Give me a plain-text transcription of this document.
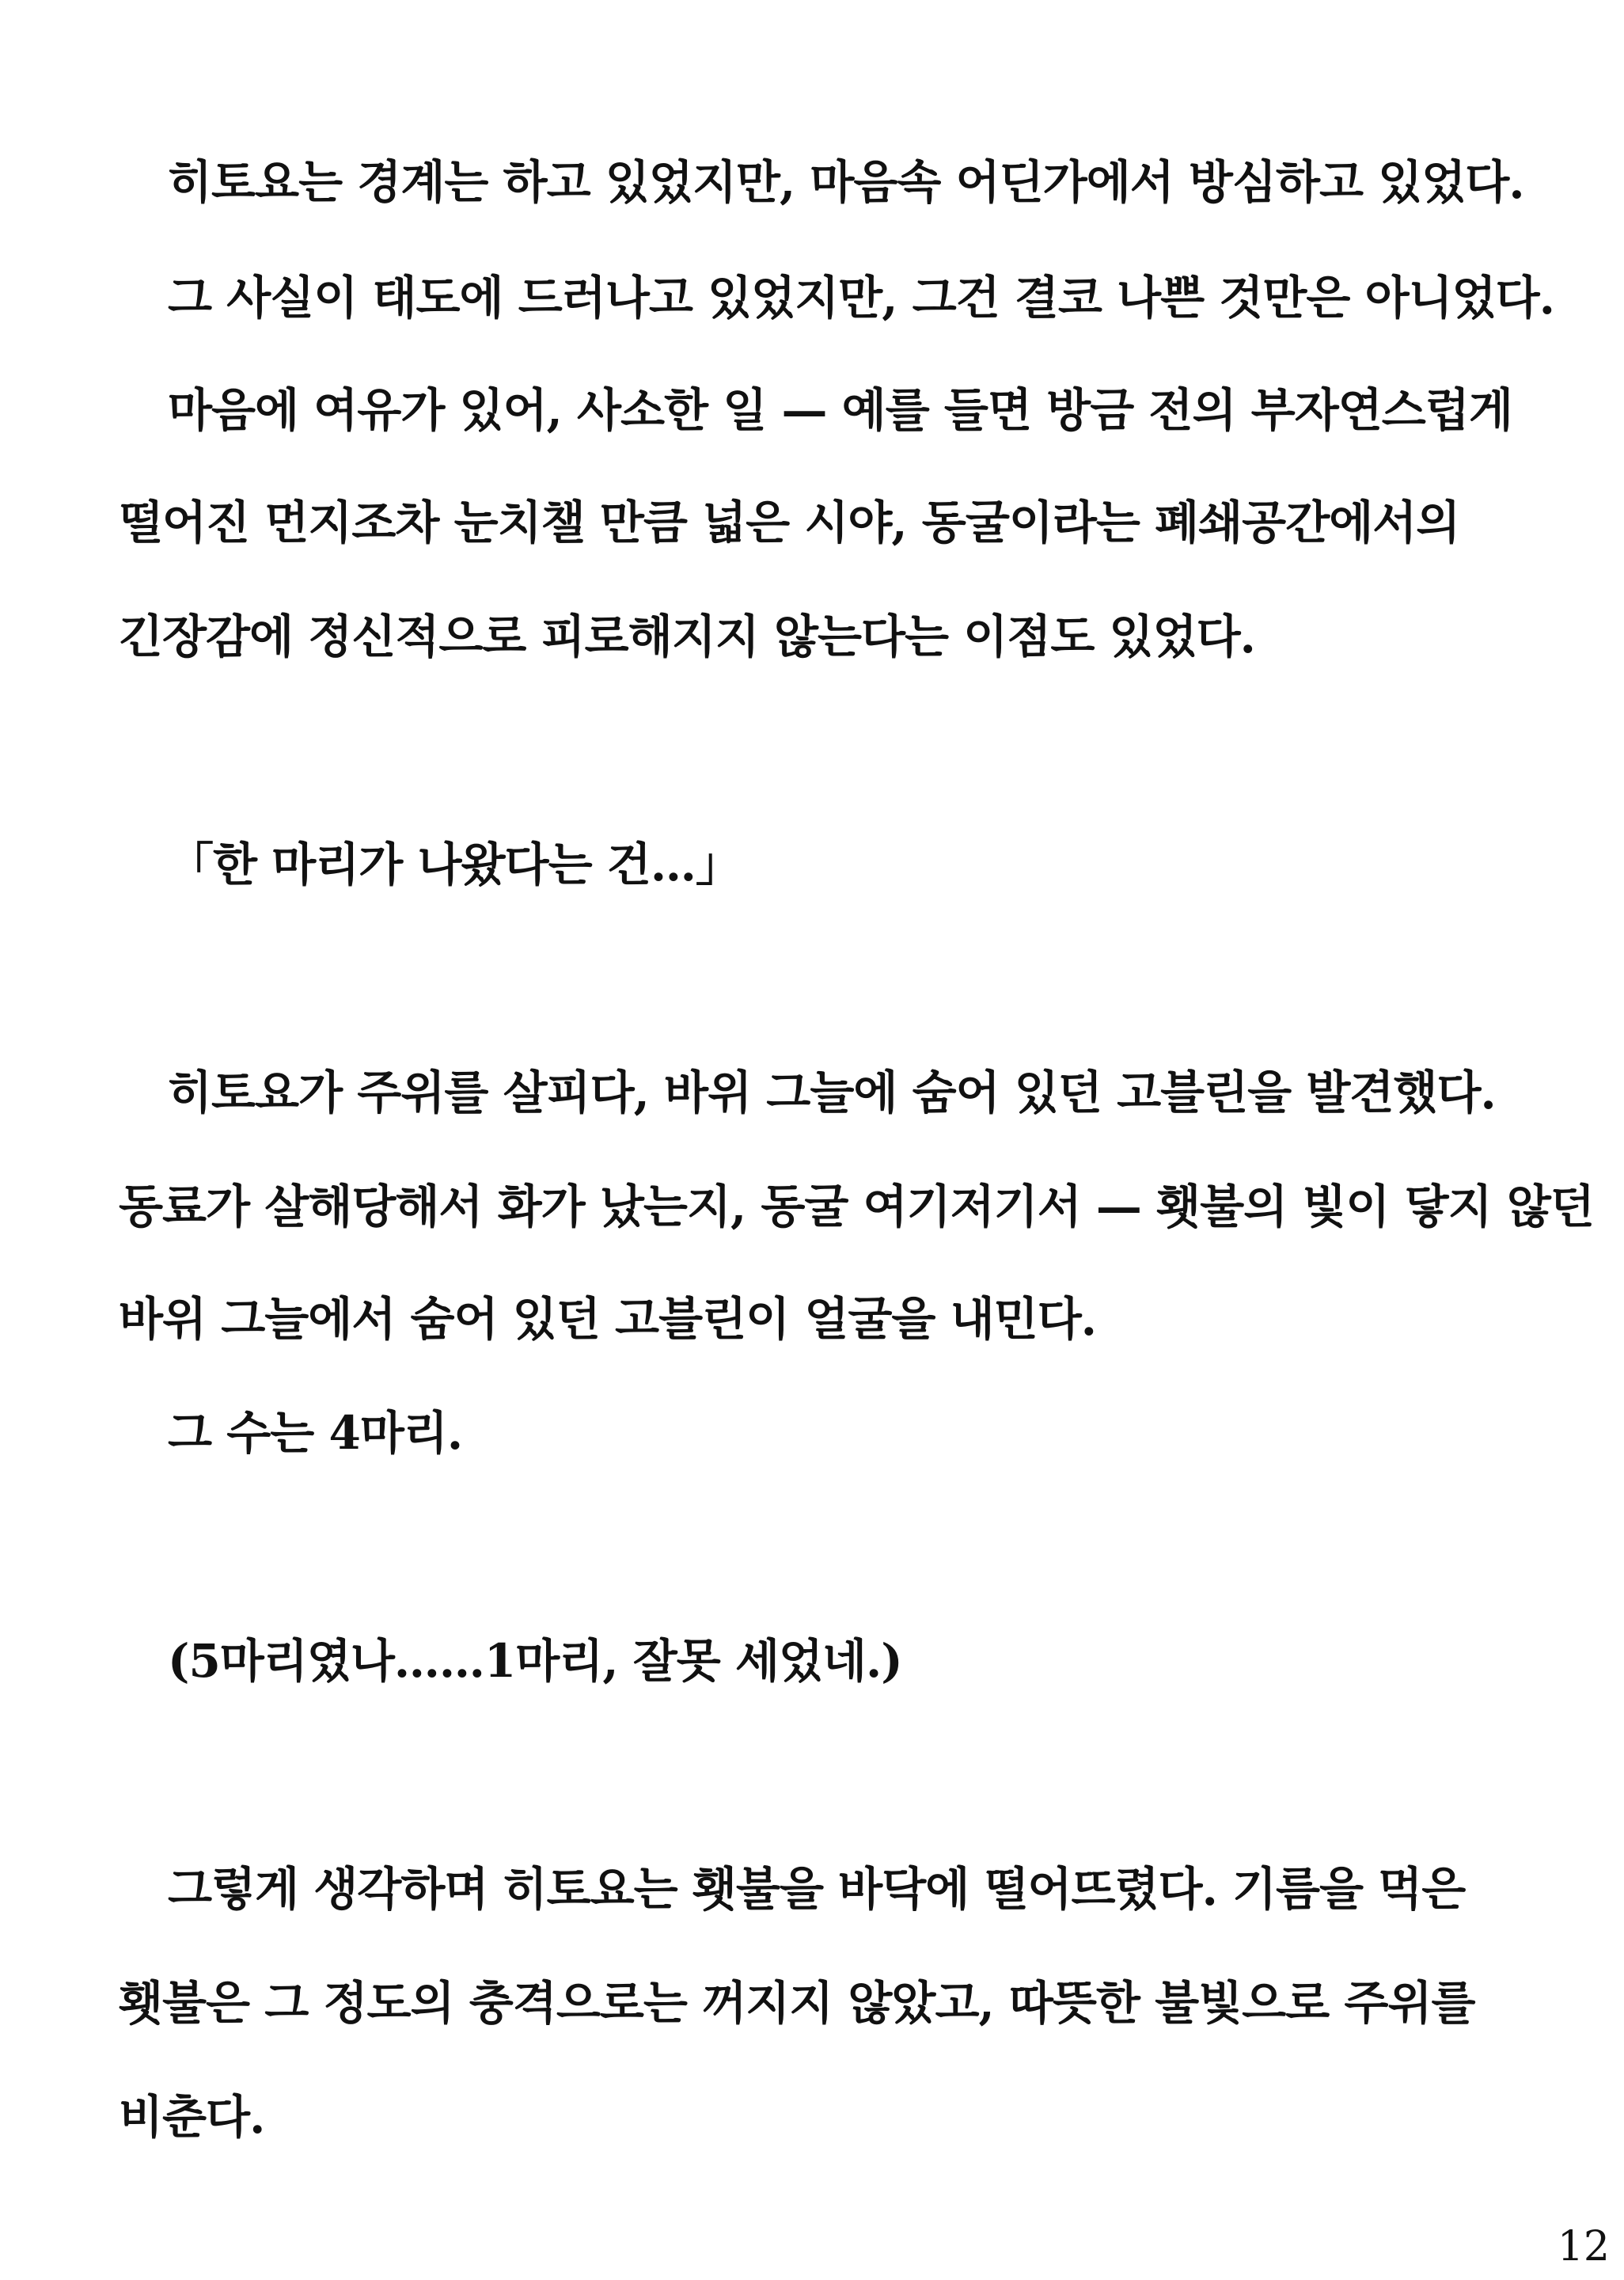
히토요는 경계는 하고 있었지만, 마음속 어딘가에서 방심하고 있었다.

그 사실이 태도에 드러나고 있었지만, 그건 결코 나쁜 것만은 아니었다.

마음에 여유가 있어, 사소한 일 — 예를 들면 방금 전의 부자연스럽게

떨어진 먼지조차 눈치챌 만큼 넓은 시야, 동굴이라는 폐쇄공간에서의

긴장감에 정신적으로 피로해지지 않는다는 이점도 있었다.

「한 마리가 나왔다는 건…」

히토요가 주위를 살피다, 바위 그늘에 숨어 있던 고블린을 발견했다.

동료가 살해당해서 화가 났는지, 동굴 여기저기서 — 횃불의 빛이 닿지 않던

바위 그늘에서 숨어 있던 고블린이 얼굴을 내민다.

그 수는 4마리.

(5마리였나……1마리, 잘못 세었네.)

그렇게 생각하며 히토요는 횃불을 바닥에 떨어뜨렸다. 기름을 먹은

횃불은 그 정도의 충격으로는 꺼지지 않았고, 따뜻한 불빛으로 주위를

비춘다.

12
